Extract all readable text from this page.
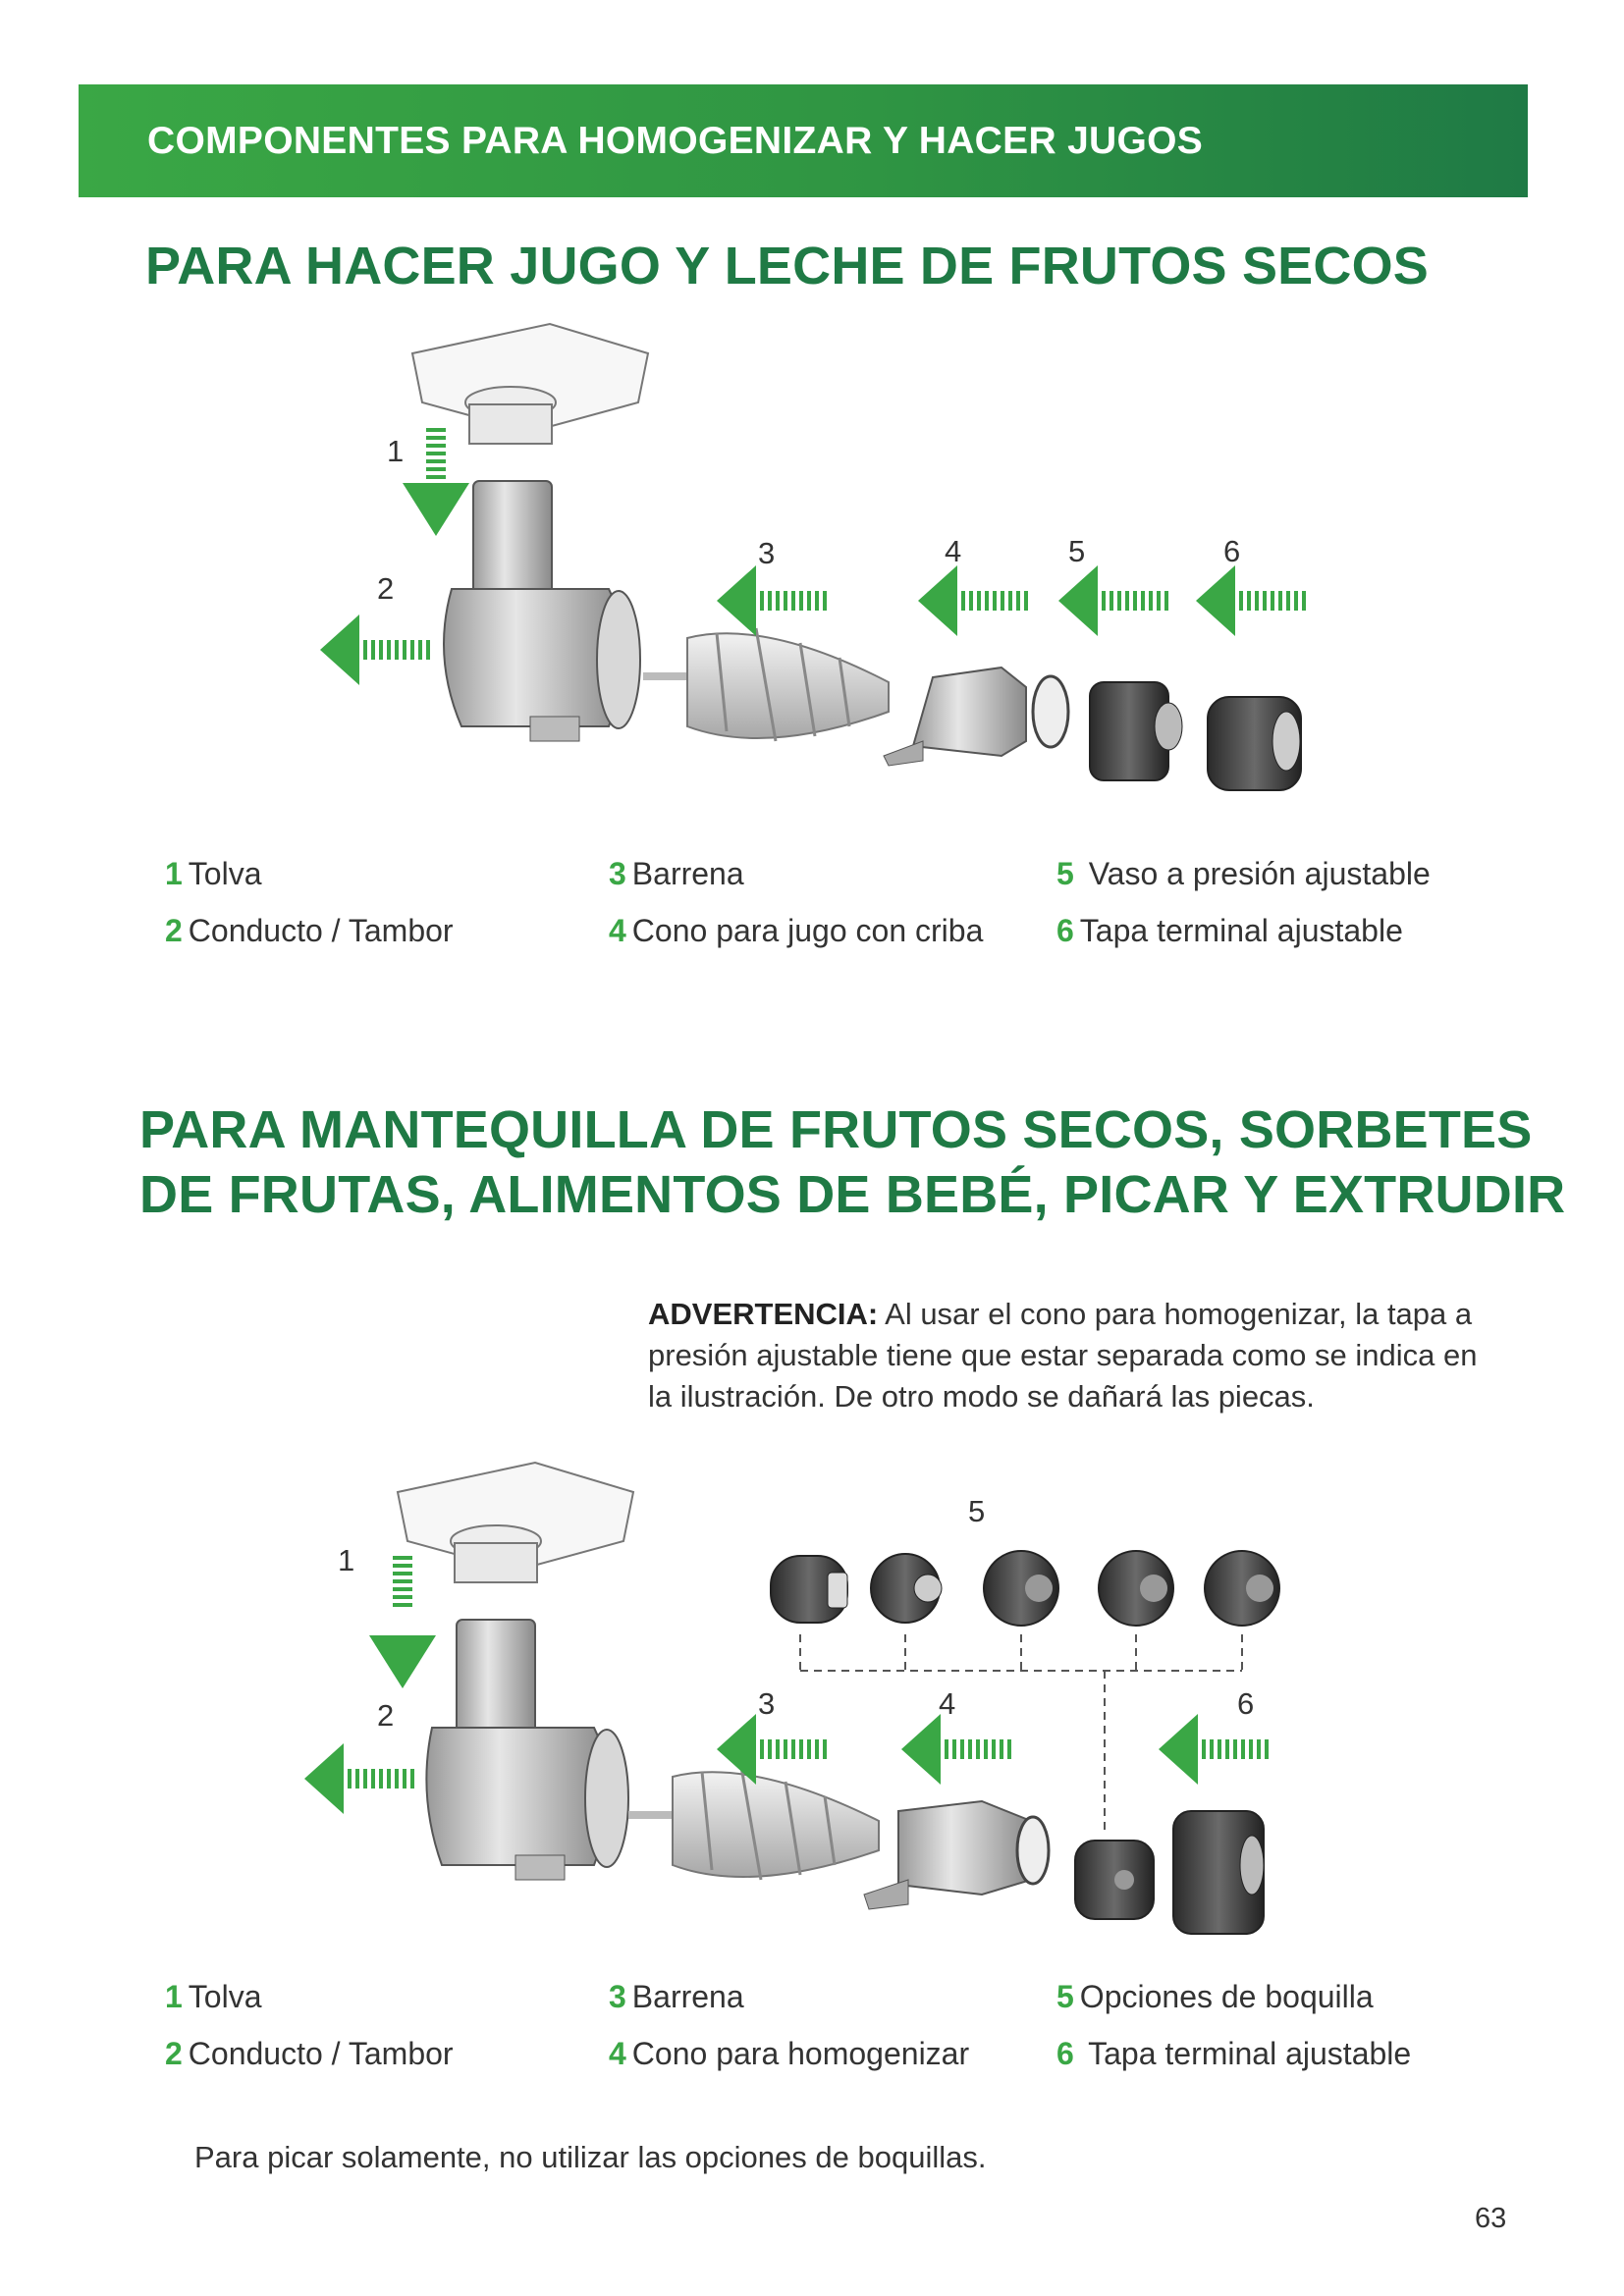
COMPONENTES PARA HOMOGENIZAR Y HACER JUGOS
PARA HACER JUGO Y LECHE DE FRUTOS SECOS
1
2
3	4	5	6
1 Tolva
2 Conducto / Tambor
3 Barrena
4 Cono para jugo con criba
5 Vaso a presión ajustable
6 Tapa terminal ajustable
PARA MANTEQUILLA DE FRUTOS SECOS, SORBETES
DE FRUTAS, ALIMENTOS DE BEBÉ, PICAR Y EXTRUDIR
ADVERTENCIA: Al usar el cono para homogenizar, la tapa a presión ajustable tiene que estar separada como se indica en la ilustración. De otro modo se dañará las piecas.
1
2	3	4
5
6
1 Tolva
2 Conducto / Tambor
3 Barrena
4 Cono para homogenizar
5 Opciones de boquilla
6 Tapa terminal ajustable
Para picar solamente, no utilizar las opciones de boquillas.
63
